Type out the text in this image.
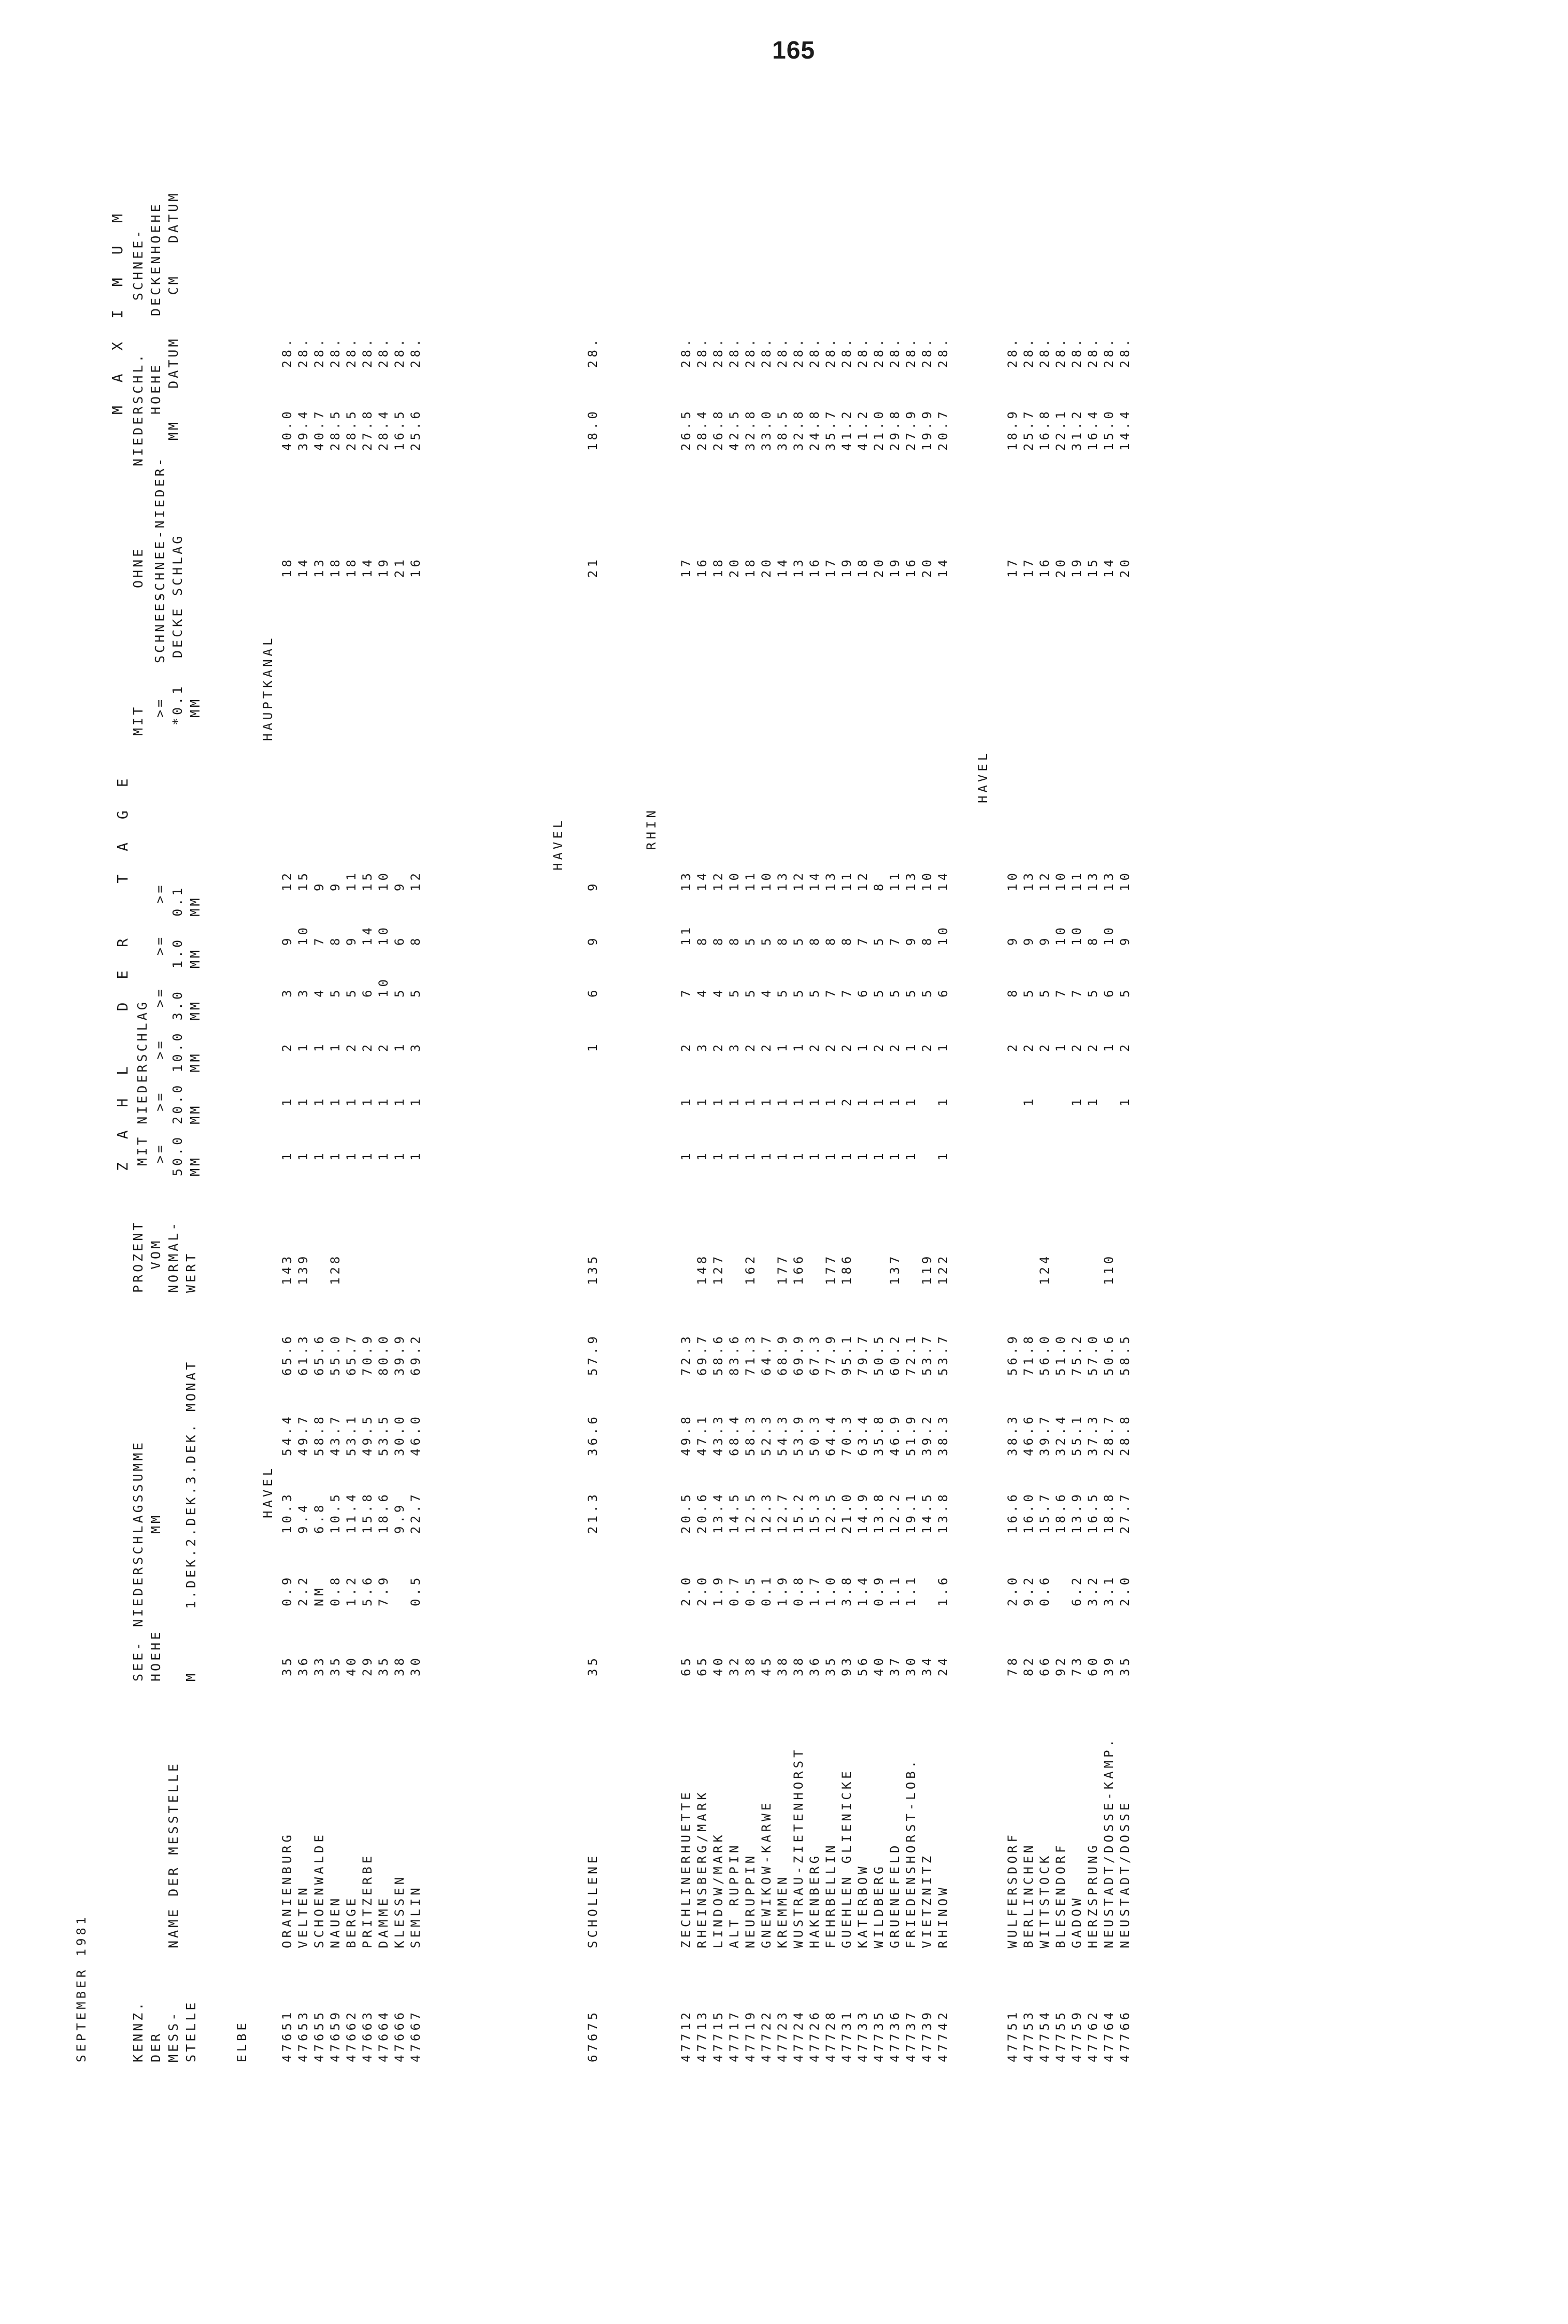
165
SEPTEMBER 1981	KENNZ. DER MESS- STELLE
NAME DER MESSTELLE
SEE- HOEHE M
NIEDERSCHLAGSSUMME MM 1.DEK.2.DEK.3.DEK. MONAT
PROZENT VOM NORMAL- WERT
Z A H L   D E R   T A G E MIT NIEDERSCHLAG >=   >=   >=   >=   >=   >= 50.0 20.0 10.0 3.0  1.0  0.1 MM   MM   MM   MM   MM   MM
MIT >= *0.1 MM
SCHNEE- DECKE
OHNE SCHNEE-NIEDER- SCHLAG
M A X I M U M NIEDERSCHL.
SCHNEE-
HOEHE
DECKENHOEHE MM   DATUM    CM   DATUM
ELBE
HAVEL
HAUPTKANAL
HAVEL	RHIN
HAVEL
47651
ORANIENBURG
35
0.9
10.3
54.4
65.6
143
1
1
2
3
9
12
18
40.0
28.
47653
VELTEN
36
2.2
9.4
49.7
61.3
139
1
1
1
3
10
15
14
39.4
28.
47655
SCHOENWALDE
33
NM
6.8
58.8
65.6
1
1
1
4
7
9
13
40.7
28.
47659
NAUEN
35
0.8
10.5
43.7
55.0
128
1
1
1
5
8
9
18
28.5
28.
47662
BERGE
40
1.2
11.4
53.1
65.7
1
1
2
5
9
11
18
28.5
28.
47663
PRITZERBE
29
5.6
15.8
49.5
70.9
1
1
2
6
14
15
14
27.8
28.
47664
DAMME
35
7.9
18.6
53.5
80.0
1
1
2
10
10
10
19
28.4
28.
47666
KLESSEN
38
9.9
30.0
39.9
1
1
1
5
6
9
21
16.5
28.
47667
SEMLIN
30
0.5
22.7
46.0
69.2
1
1
3
5
8
12
16
25.6
28.
67675
SCHOLLENE
35
21.3
36.6
57.9
135
1
6
9
9
21
18.0
28.
47712
ZECHLINERHUETTE
65
2.0
20.5
49.8
72.3
1
1
2
7
11
13
17
26.5
28.
47713
RHEINSBERG/MARK
65
2.0
20.6
47.1
69.7
148
1
1
3
4
8
14
16
28.4
28.
47715
LINDOW/MARK
40
1.9
13.4
43.3
58.6
127
1
1
2
4
8
12
18
26.8
28.
47717
ALT RUPPIN
32
0.7
14.5
68.4
83.6
1
1
3
5
8
10
20
42.5
28.
47719
NEURUPPIN
38
0.5
12.5
58.3
71.3
162
1
1
2
5
5
11
18
32.8
28.
47722
GNEWIKOW-KARWE
45
0.1
12.3
52.3
64.7
1
1
2
4
5
10
20
33.0
28.
47723
KREMMEN
38
1.9
12.7
54.3
68.9
177
1
1
1
5
8
13
14
38.5
28.
47724
WUSTRAU-ZIETENHORST
38
0.8
15.2
53.9
69.9
166
1
1
1
5
5
12
13
32.8
28.
47726
HAKENBERG
36
1.7
15.3
50.3
67.3
1
1
2
5
8
14
16
24.8
28.
47728
FEHRBELLIN
35
1.0
12.5
64.4
77.9
177
1
1
2
7
8
13
17
35.7
28.
47731
GUEHLEN GLIENICKE
93
3.8
21.0
70.3
95.1
186
1
2
2
7
8
11
19
41.2
28.
47733
KATERBOW
56
1.4
14.9
63.4
79.7
1
1
1
6
7
12
18
41.2
28.
47735
WILDBERG
40
0.9
13.8
35.8
50.5
1
1
2
5
5
8
20
21.0
28.
47736
GRUENEFELD
37
1.1
12.2
46.9
60.2
137
1
1
2
5
7
11
19
29.8
28.
47737
FRIEDENSHORST-LOB.
30
1.1
19.1
51.9
72.1
1
1
1
5
9
13
16
27.9
28.
47739
VIETZNITZ
34
14.5
39.2
53.7
119
2
5
8
10
20
19.9
28.
47742
RHINOW
24
1.6
13.8
38.3
53.7
122
1
1
1
6
10
14
14
20.7
28.
47751
WULFERSDORF
78
2.0
16.6
38.3
56.9
2
8
9
10
17
18.9
28.
47753
BERLINCHEN
82
9.2
16.0
46.6
71.8
1
2
5
9
13
17
25.7
28.
47754
WITTSTOCK
66
0.6
15.7
39.7
56.0
124
2
5
9
12
16
16.8
28.
47755
BLESENDORF
92
18.6
32.4
51.0
1
7
10
10
20
22.1
28.
47759
GADOW
73
6.2
13.9
55.1
75.2
1
2
7
10
11
19
31.2
28.
47762
HERZSPRUNG
60
3.2
16.5
37.3
57.0
1
2
5
8
13
15
16.4
28.
47764
NEUSTADT/DOSSE-KAMP.
39
3.1
18.8
28.7
50.6
110
1
6
10
13
14
15.0
28.
47766
NEUSTADT/DOSSE
35
2.0
27.7
28.8
58.5
1
2
5
9
10
20
14.4
28.
